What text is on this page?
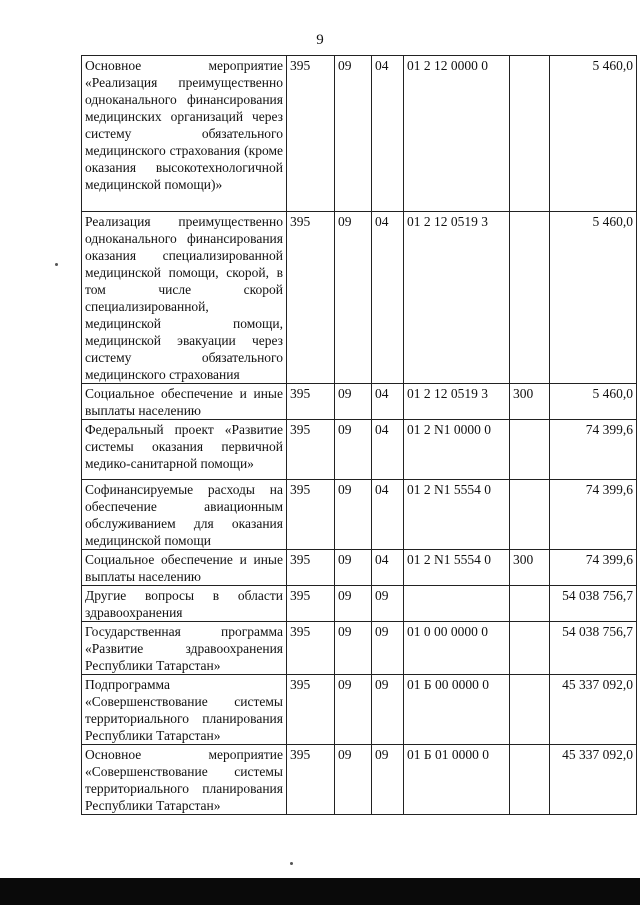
9
Основное мероприятие «Реализация преимущественно одноканального финансирования медицинских организаций через систему обязательного медицинского страхования (кроме оказания высокотехнологичной медицинской помощи)»	395	09	04	01 2 12 0000 0		5 460,0
Реализация преимущественно одноканального финансирования оказания специализированной медицинской помощи, скорой, в том числе скорой специализированной, медицинской помощи, медицинской эвакуации через систему обязательного медицинского страхования	395	09	04	01 2 12 0519 3		5 460,0
Социальное обеспечение и иные выплаты населению	395	09	04	01 2 12 0519 3	300	5 460,0
Федеральный проект «Развитие системы оказания первичной медико-санитарной помощи»	395	09	04	01 2 N1 0000 0		74 399,6
Софинансируемые расходы на обеспечение авиационным обслуживанием для оказания медицинской помощи	395	09	04	01 2 N1 5554 0		74 399,6
Социальное обеспечение и иные выплаты населению	395	09	04	01 2 N1 5554 0	300	74 399,6
Другие вопросы в области здравоохранения	395	09	09			54 038 756,7
Государственная программа «Развитие здравоохранения Республики Татарстан»	395	09	09	01 0 00 0000 0		54 038 756,7
Подпрограмма «Совершенствование системы территориального планирования Республики Татарстан»	395	09	09	01 Б 00 0000 0		45 337 092,0
Основное мероприятие «Совершенствование системы территориального планирования Республики Татарстан»	395	09	09	01 Б 01 0000 0		45 337 092,0
